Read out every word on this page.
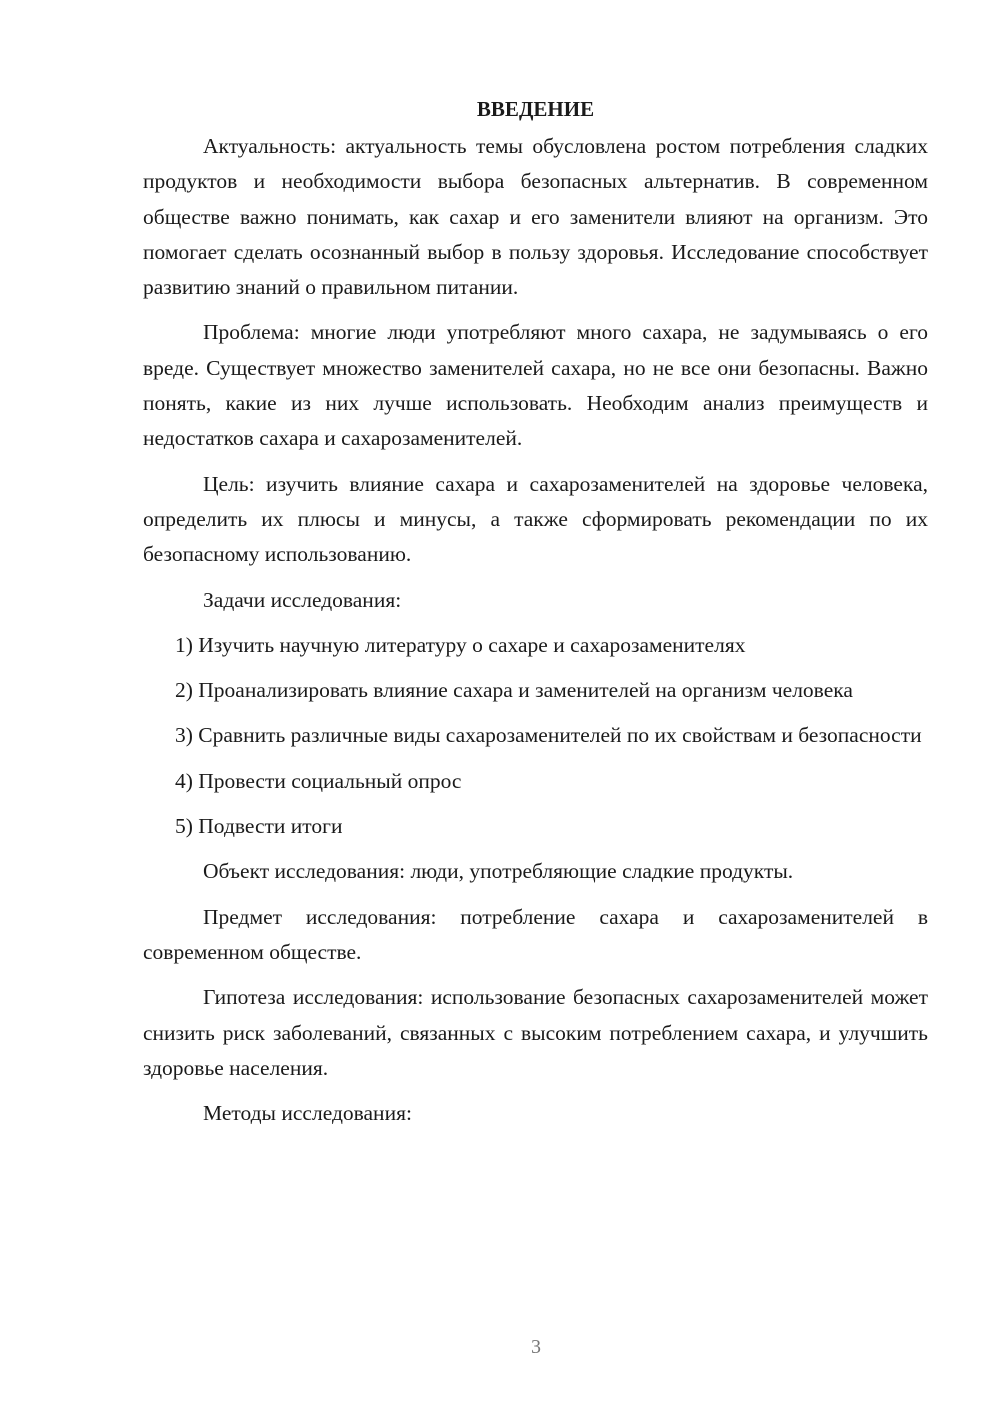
ВВЕДЕНИЕ

Актуальность: актуальность темы обусловлена ростом потребления сладких продуктов и необходимости выбора безопасных альтернатив. В современном обществе важно понимать, как сахар и его заменители влияют на организм. Это помогает сделать осознанный выбор в пользу здоровья. Исследование способствует развитию знаний о правильном питании.

Проблема: многие люди употребляют много сахара, не задумываясь о его вреде. Существует множество заменителей сахара, но не все они безопасны. Важно понять, какие из них лучше использовать. Необходим анализ преимуществ и недостатков сахара и сахарозаменителей.

Цель: изучить влияние сахара и сахарозаменителей на здоровье человека, определить их плюсы и минусы, а также сформировать рекомендации по их безопасному использованию.

Задачи исследования:

1) Изучить научную литературу о сахаре и сахарозаменителях

2) Проанализировать влияние сахара и заменителей на организм человека

3) Сравнить различные виды сахарозаменителей по их свойствам и безопасности

4) Провести социальный опрос

5) Подвести итоги

Объект исследования: люди, употребляющие сладкие продукты.

Предмет исследования: потребление сахара и сахарозаменителей в современном обществе.

Гипотеза исследования: использование безопасных сахарозаменителей может снизить риск заболеваний, связанных с высоким потреблением сахара, и улучшить здоровье населения.

Методы исследования:

3
